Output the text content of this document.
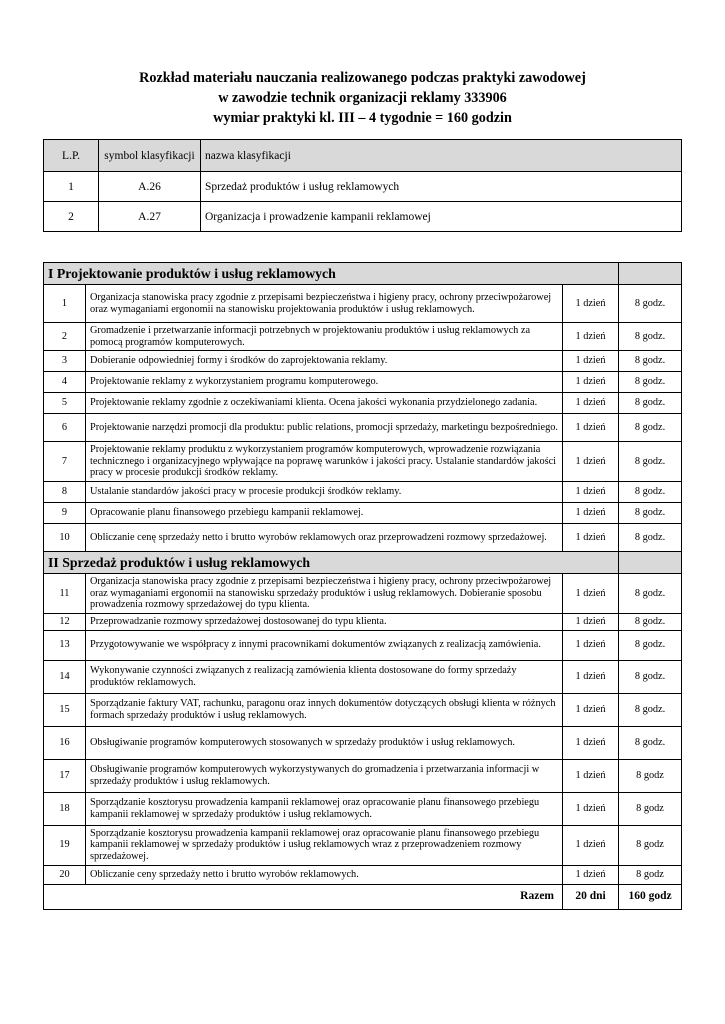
Rozkład materiału nauczania realizowanego podczas praktyki zawodowej
w zawodzie technik organizacji reklamy 333906
wymiar praktyki kl. III – 4 tygodnie = 160 godzin
L.P.	symbol klasyfikacji	nazwa klasyfikacji
1	A.26	Sprzedaż produktów i usług reklamowych
2	A.27	Organizacja i prowadzenie kampanii reklamowej
I Projektowanie produktów i usług reklamowych			
1	Organizacja stanowiska pracy zgodnie z przepisami bezpieczeństwa i higieny pracy, ochrony przeciwpożarowej oraz wymaganiami ergonomii na stanowisku projektowania produktów i usług reklamowych.	1 dzień	8 godz.
2	Gromadzenie i przetwarzanie informacji potrzebnych w projektowaniu produktów i usług reklamowych za pomocą programów komputerowych.	1 dzień	8 godz.
3	Dobieranie odpowiedniej formy i środków do zaprojektowania reklamy.	1 dzień	8 godz.
4	Projektowanie reklamy z wykorzystaniem programu komputerowego.	1 dzień	8 godz.
5	Projektowanie reklamy zgodnie z oczekiwaniami klienta. Ocena jakości wykonania przydzielonego zadania.	1 dzień	8 godz.
6	Projektowanie narzędzi promocji dla produktu: public relations, promocji sprzedaży, marketingu bezpośredniego.	1 dzień	8 godz.
7	Projektowanie reklamy produktu z wykorzystaniem programów komputerowych, wprowadzenie rozwiązania technicznego i organizacyjnego wpływające na poprawę warunków i jakości pracy. Ustalanie standardów jakości pracy w procesie produkcji środków reklamy.	1 dzień	8 godz.
8	Ustalanie standardów jakości pracy w procesie produkcji środków reklamy.	1 dzień	8 godz.
9	Opracowanie planu finansowego przebiegu kampanii reklamowej.	1 dzień	8 godz.
10	Obliczanie cenę sprzedaży netto i brutto wyrobów reklamowych oraz przeprowadzeni rozmowy sprzedażowej.	1 dzień	8 godz.
II Sprzedaż produktów i usług reklamowych			
11	Organizacja stanowiska pracy zgodnie z przepisami bezpieczeństwa i higieny pracy, ochrony przeciwpożarowej oraz wymaganiami ergonomii na stanowisku sprzedaży produktów i usług reklamowych. Dobieranie sposobu prowadzenia rozmowy sprzedażowej do typu klienta.	1 dzień	8 godz.
12	Przeprowadzanie rozmowy sprzedażowej dostosowanej do typu klienta.	1 dzień	8 godz.
13	Przygotowywanie we współpracy z innymi pracownikami dokumentów związanych z realizacją zamówienia.	1 dzień	8 godz.
14	Wykonywanie czynności związanych z realizacją zamówienia klienta dostosowane do formy sprzedaży produktów reklamowych.	1 dzień	8 godz.
15	Sporządzanie faktury VAT, rachunku, paragonu oraz innych dokumentów dotyczących obsługi klienta w różnych formach sprzedaży produktów i usług reklamowych.	1 dzień	8 godz.
16	Obsługiwanie programów komputerowych stosowanych w sprzedaży produktów i usług reklamowych.	1 dzień	8 godz.
17	Obsługiwanie programów komputerowych wykorzystywanych do gromadzenia i przetwarzania informacji w sprzedaży produktów i usług reklamowych.	1 dzień	8 godz
18	Sporządzanie kosztorysu prowadzenia kampanii reklamowej oraz opracowanie planu finansowego przebiegu kampanii reklamowej w sprzedaży produktów i usług reklamowych.	1 dzień	8 godz
19	Sporządzanie kosztorysu prowadzenia kampanii reklamowej oraz opracowanie planu finansowego przebiegu kampanii reklamowej w sprzedaży produktów i usług reklamowych wraz z przeprowadzeniem rozmowy sprzedażowej.	1 dzień	8 godz
20	Obliczanie ceny sprzedaży netto i brutto wyrobów reklamowych.	1 dzień	8 godz
Razem		20 dni	160 godz
